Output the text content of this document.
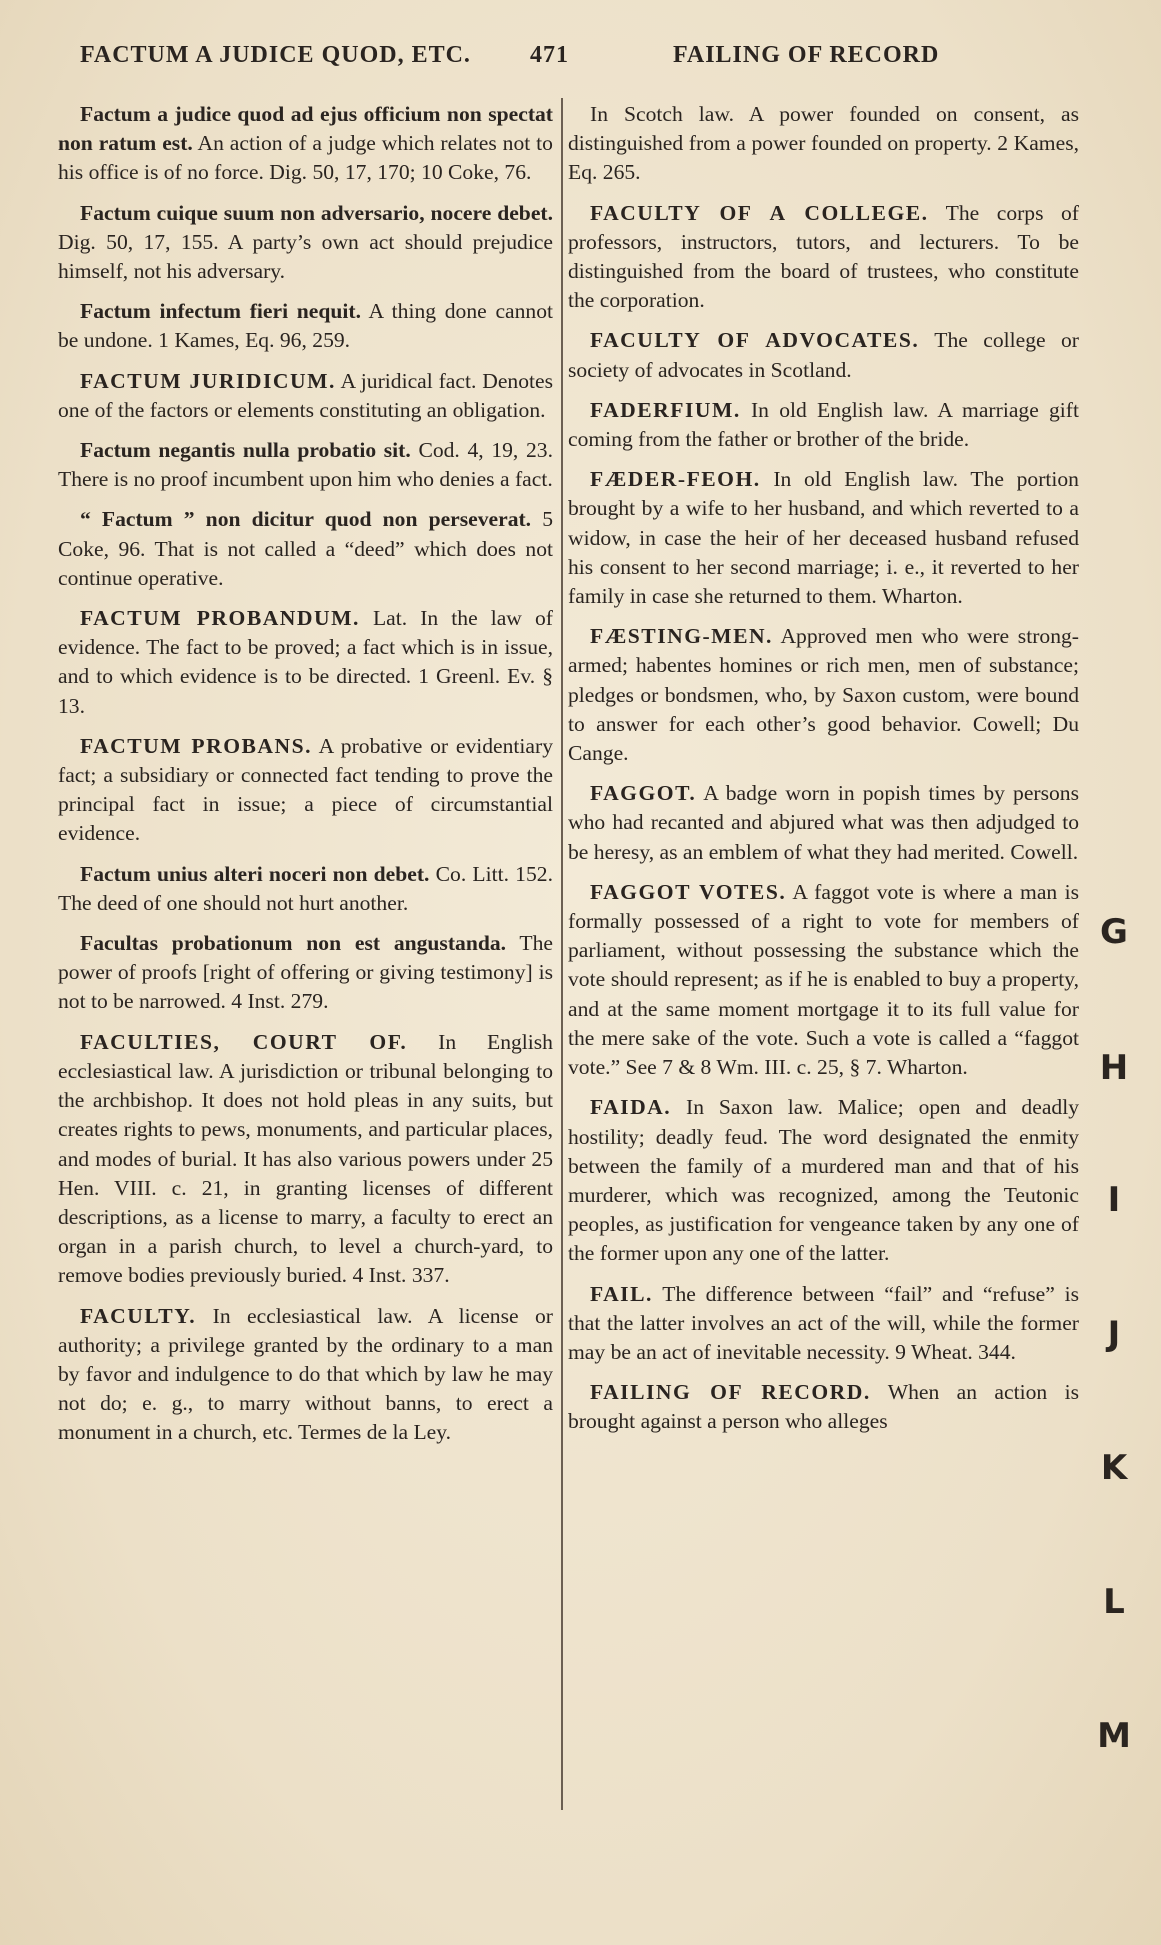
FACTUM A JUDICE QUOD, ETC. 471	FAILING OF RECORD

Factum a judice quod ad ejus officium non spectat non ratum est. An action of a judge which relates not to his office is of no force. Dig. 50, 17, 170; 10 Coke, 76.

Factum cuique suum non adversario, nocere debet. Dig. 50, 17, 155. A party’s own act should prejudice himself, not his adversary.

Factum infectum fieri nequit. A thing done cannot be undone. 1 Kames, Eq. 96, 259.

FACTUM JURIDICUM. A juridical fact. Denotes one of the factors or elements constituting an obligation.

Factum negantis nulla probatio sit. Cod. 4, 19, 23. There is no proof incumbent upon him who denies a fact.

“ Factum ” non dicitur quod non perseverat. 5 Coke, 96. That is not called a “deed” which does not continue operative.

FACTUM PROBANDUM. Lat. In the law of evidence. The fact to be proved; a fact which is in issue, and to which evidence is to be directed. 1 Greenl. Ev. § 13.

FACTUM PROBANS. A probative or evidentiary fact; a subsidiary or connected fact tending to prove the principal fact in issue; a piece of circumstantial evidence.

Factum unius alteri noceri non debet. Co. Litt. 152. The deed of one should not hurt another.

Facultas probationum non est angustanda. The power of proofs [right of offering or giving testimony] is not to be narrowed. 4 Inst. 279.

FACULTIES, COURT OF. In English ecclesiastical law. A jurisdiction or tribunal belonging to the archbishop. It does not hold pleas in any suits, but creates rights to pews, monuments, and particular places, and modes of burial. It has also various powers under 25 Hen. VIII. c. 21, in granting licenses of different descriptions, as a license to marry, a faculty to erect an organ in a parish church, to level a church-yard, to remove bodies previously buried. 4 Inst. 337.

FACULTY. In ecclesiastical law. A license or authority; a privilege granted by the ordinary to a man by favor and indulgence to do that which by law he may not do; e. g., to marry without banns, to erect a monument in a church, etc. Termes de la Ley.

In Scotch law. A power founded on consent, as distinguished from a power founded on property. 2 Kames, Eq. 265.

FACULTY OF A COLLEGE. The corps of professors, instructors, tutors, and lecturers. To be distinguished from the board of trustees, who constitute the corporation.

FACULTY OF ADVOCATES. The college or society of advocates in Scotland.

FADERFIUM. In old English law. A marriage gift coming from the father or brother of the bride.

FÆDER-FEOH. In old English law. The portion brought by a wife to her husband, and which reverted to a widow, in case the heir of her deceased husband refused his consent to her second marriage; i. e., it reverted to her family in case she returned to them. Wharton.

FÆSTING-MEN. Approved men who were strong-armed; habentes homines or rich men, men of substance; pledges or bondsmen, who, by Saxon custom, were bound to answer for each other’s good behavior. Cowell; Du Cange.

FAGGOT. A badge worn in popish times by persons who had recanted and abjured what was then adjudged to be heresy, as an emblem of what they had merited. Cowell.

FAGGOT VOTES. A faggot vote is where a man is formally possessed of a right to vote for members of parliament, without possessing the substance which the vote should represent; as if he is enabled to buy a property, and at the same moment mortgage it to its full value for the mere sake of the vote. Such a vote is called a “faggot vote.” See 7 & 8 Wm. III. c. 25, § 7. Wharton.

FAIDA. In Saxon law. Malice; open and deadly hostility; deadly feud. The word designated the enmity between the family of a murdered man and that of his murderer, which was recognized, among the Teutonic peoples, as justification for vengeance taken by any one of the former upon any one of the latter.

FAIL. The difference between “fail” and “refuse” is that the latter involves an act of the will, while the former may be an act of inevitable necessity. 9 Wheat. 344.

FAILING OF RECORD. When an action is brought against a person who alleges

G
H
I
J
K
L
M
